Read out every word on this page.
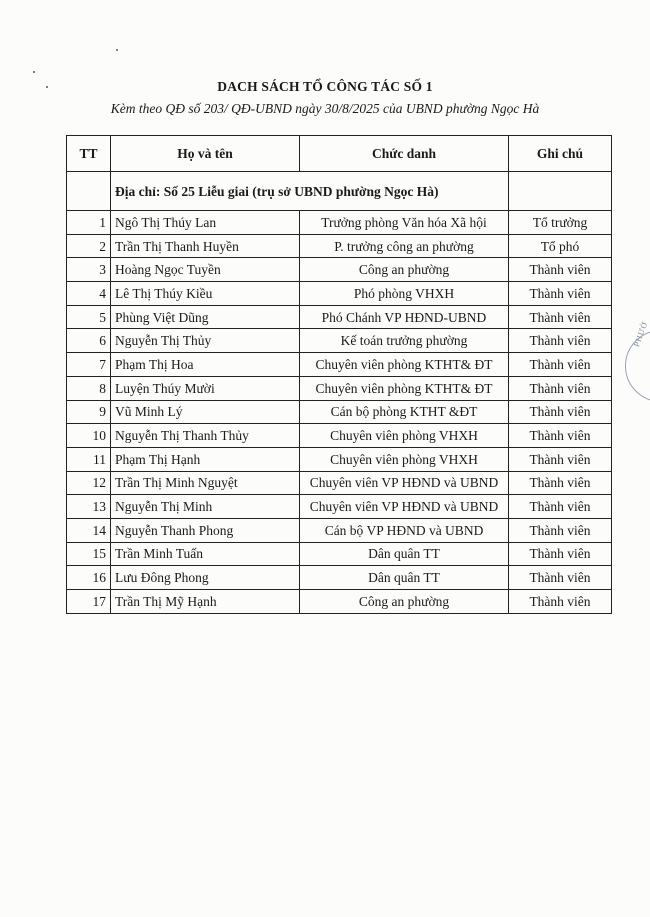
DACH SÁCH TỔ CÔNG TÁC SỐ 1
Kèm theo QĐ số 203/ QĐ-UBND ngày 30/8/2025 của UBND phường Ngọc Hà
TT	Họ và tên	Chức danh	Ghi chú
	Địa chỉ: Số 25 Liễu giai (trụ sở UBND phường Ngọc Hà)		
1	Ngô Thị Thúy Lan	Trưởng phòng Văn hóa Xã hội	Tổ trưởng
2	Trần Thị Thanh Huyền	P. trưởng công an phường	Tổ phó
3	Hoàng Ngọc Tuyền	Công an phường	Thành viên
4	Lê Thị Thúy Kiều	Phó phòng VHXH	Thành viên
5	Phùng Việt Dũng	Phó Chánh VP HĐND-UBND	Thành viên
6	Nguyễn Thị Thủy	Kế toán trưởng phường	Thành viên
7	Phạm Thị Hoa	Chuyên viên phòng KTHT& ĐT	Thành viên
8	Luyện Thúy Mười	Chuyên viên phòng KTHT& ĐT	Thành viên
9	Vũ Minh Lý	Cán bộ phòng KTHT &ĐT	Thành viên
10	Nguyễn Thị Thanh Thủy	Chuyên viên phòng VHXH	Thành viên
11	Phạm Thị Hạnh	Chuyên viên phòng VHXH	Thành viên
12	Trần Thị Minh Nguyệt	Chuyên viên VP HĐND và UBND	Thành viên
13	Nguyễn Thị Minh	Chuyên viên VP HĐND và UBND	Thành viên
14	Nguyễn Thanh Phong	Cán bộ VP HĐND và UBND	Thành viên
15	Trần Minh Tuấn	Dân quân TT	Thành viên
16	Lưu Đông Phong	Dân quân TT	Thành viên
17	Trần Thị Mỹ Hạnh	Công an phường	Thành viên
PHƯỜ
